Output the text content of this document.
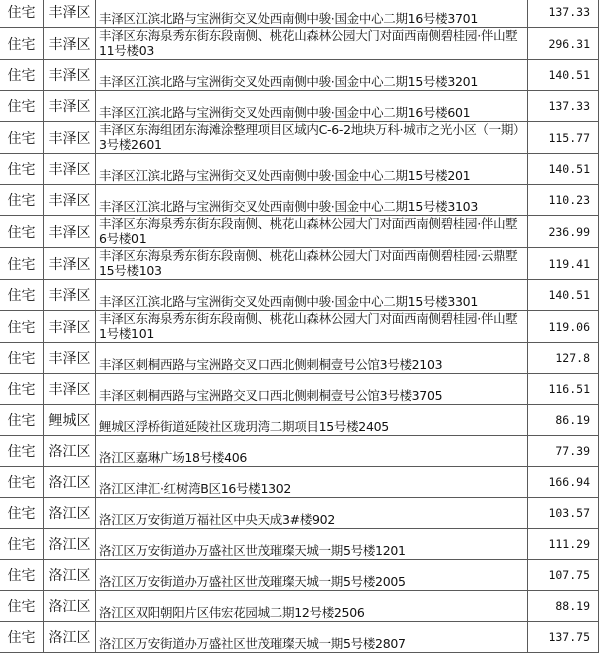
住宅	丰泽区	丰泽区江滨北路与宝洲街交叉处西南侧中骏·国金中心二期16号楼3701	137.33
住宅	丰泽区	丰泽区东海泉秀东街东段南侧、桃花山森林公园大门对面西南侧碧桂园·伴山墅11号楼03	296.31
住宅	丰泽区	丰泽区江滨北路与宝洲街交叉处西南侧中骏·国金中心二期15号楼3201	140.51
住宅	丰泽区	丰泽区江滨北路与宝洲街交叉处西南侧中骏·国金中心二期16号楼601	137.33
住宅	丰泽区	丰泽区东海组团东海滩涂整理项目区域内C-6-2地块万科·城市之光小区（一期）3号楼2601	115.77
住宅	丰泽区	丰泽区江滨北路与宝洲街交叉处西南侧中骏·国金中心二期15号楼201	140.51
住宅	丰泽区	丰泽区江滨北路与宝洲街交叉处西南侧中骏·国金中心二期15号楼3103	110.23
住宅	丰泽区	丰泽区东海泉秀东街东段南侧、桃花山森林公园大门对面西南侧碧桂园·伴山墅6号楼01	236.99
住宅	丰泽区	丰泽区东海泉秀东街东段南侧、桃花山森林公园大门对面西南侧碧桂园·云鼎墅15号楼103	119.41
住宅	丰泽区	丰泽区江滨北路与宝洲街交叉处西南侧中骏·国金中心二期15号楼3301	140.51
住宅	丰泽区	丰泽区东海泉秀东街东段南侧、桃花山森林公园大门对面西南侧碧桂园·伴山墅1号楼101	119.06
住宅	丰泽区	丰泽区刺桐西路与宝洲路交叉口西北侧刺桐壹号公馆3号楼2103	127.8
住宅	丰泽区	丰泽区刺桐西路与宝洲路交叉口西北侧刺桐壹号公馆3号楼3705	116.51
住宅	鲤城区	鲤城区浮桥街道延陵社区珑玥湾二期项目15号楼2405	86.19
住宅	洛江区	洛江区嘉琳广场18号楼406	77.39
住宅	洛江区	洛江区津汇·红树湾B区16号楼1302	166.94
住宅	洛江区	洛江区万安街道万福社区中央天成3#楼902	103.57
住宅	洛江区	洛江区万安街道办万盛社区世茂璀璨天城一期5号楼1201	111.29
住宅	洛江区	洛江区万安街道办万盛社区世茂璀璨天城一期5号楼2005	107.75
住宅	洛江区	洛江区双阳朝阳片区伟宏花园城二期12号楼2506	88.19
住宅	洛江区	洛江区万安街道办万盛社区世茂璀璨天城一期5号楼2807	137.75
